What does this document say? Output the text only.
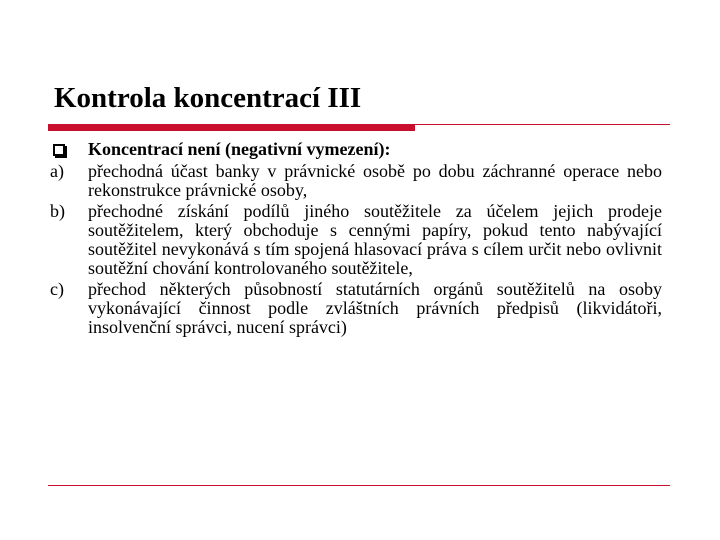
Kontrola koncentrací III
Koncentrací není (negativní vymezení):
a)	přechodná účast banky v právnické osobě po dobu záchranné operace nebo rekonstrukce právnické osoby,
b)	přechodné získání podílů jiného soutěžitele za účelem jejich prodeje soutěžitelem, který obchoduje s cennými papíry, pokud tento nabývající soutěžitel nevykonává s tím spojená hlasovací práva s cílem určit nebo ovlivnit soutěžní chování kontrolovaného soutěžitele,
c)	přechod některých působností statutárních orgánů soutěžitelů na osoby vykonávající činnost podle zvláštních právních předpisů (likvidátoři, insolvenční správci, nucení správci)
